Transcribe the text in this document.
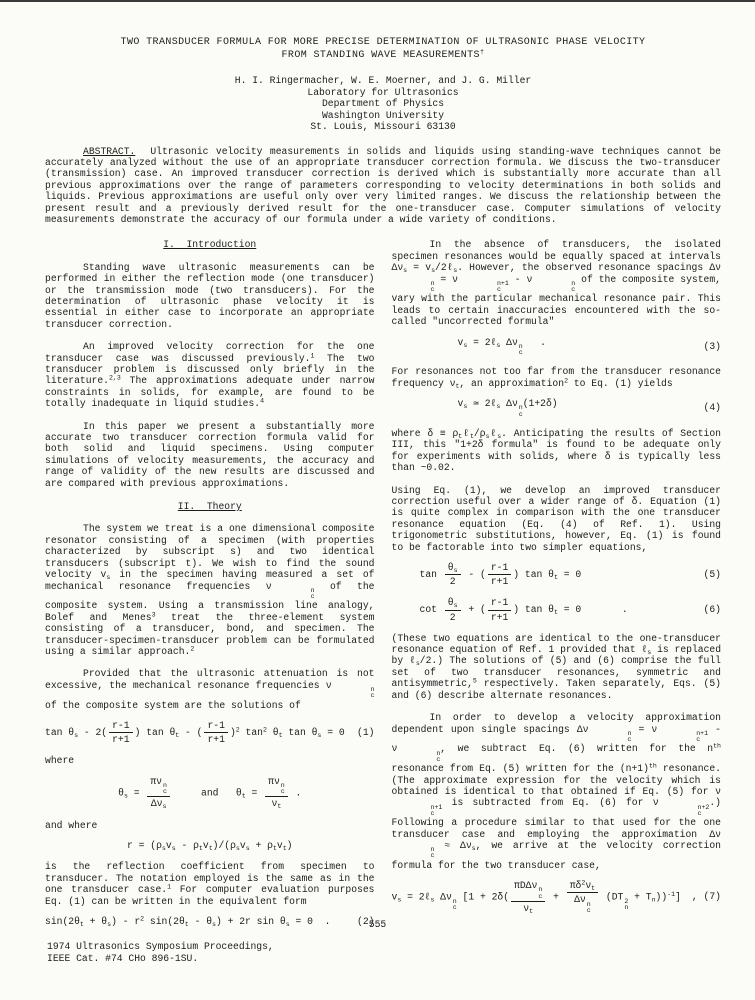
TWO TRANSDUCER FORMULA FOR MORE PRECISE DETERMINATION OF ULTRASONIC PHASE VELOCITY
FROM STANDING WAVE MEASUREMENTS†
H. I. Ringermacher, W. E. Moerner, and J. G. Miller
Laboratory for Ultrasonics
Department of Physics
Washington University
St. Louis, Missouri 63130
ABSTRACT. Ultrasonic velocity measurements in solids and liquids using standing-wave techniques cannot be accurately analyzed without the use of an appropriate transducer correction formula. We discuss the two-transducer (transmission) case. An improved transducer correction is derived which is substantially more accurate than all previous approximations over the range of parameters corresponding to velocity determinations in both solids and liquids. Previous approximations are useful only over very limited ranges. We discuss the relationship between the present result and a previously derived result for the one-transducer case. Computer simulations of velocity measurements demonstrate the accuracy of our formula under a wide variety of conditions.
I.  Introduction

Standing wave ultrasonic measurements can be performed in either the reflection mode (one transducer) or the transmission mode (two transducers). For the determination of ultrasonic phase velocity it is essential in either case to incorporate an appropriate transducer correction.

An improved velocity correction for the one transducer case was discussed previously.$^1$ The two transducer problem is discussed only briefly in the literature.$^{2,3}$ The approximations adequate under narrow constraints in solids, for example, are found to be totally inadequate in liquid studies.$^4$

In this paper we present a substantially more accurate two transducer correction formula valid for both solid and liquid specimens. Using computer simulations of velocity measurements, the accuracy and range of validity of the new results are discussed and are compared with previous approximations.

II.  Theory

The system we treat is a one dimensional composite resonator consisting of a specimen (with properties characterized by subscript s) and two identical transducers (subscript t). We wish to find the sound velocity $v_s$ in the specimen having measured a set of mechanical resonance frequencies ν	n
c
of the composite system. Using a transmission line analogy, Bolef and Menes$^3$ treat the three-element system consisting of a transducer, bond, and specimen. The transducer-specimen-transducer problem can be formulated using a similar approach.$^2$

Provided that the ultrasonic attenuation is not excessive, the mechanical resonance frequencies ν	n
c
of the composite system are the solutions of

$\tan \theta_s - 2( \frac{r-1}{r+1}$ ) $\tan \theta_t$ - ( $\frac{r-1}{r+1} )^2$ $\tan^2 \theta_t$ $\tan \theta_s = 0$	(1)
where
$\theta_s = \pi\nu$ n
c
$\Delta\nu_s$ and   $\theta_t = \pi\nu$ n
c
$\nu_t$ .
and where
$r = (\rho_sv_s - \rho_tv_t)/(\rho_sv_s + \rho_tv_t)$

is the reflection coefficient from specimen to transducer. The notation employed is the same as in the one transducer case.$^1$ For computer evaluation purposes Eq. (1) can be written in the equivalent form

$\sin(2\theta_t + \theta_s) - r^2$ $\sin(2\theta_t - \theta_s) + 2r$ $\sin \theta_s = 0$  .	(2)

In the absence of transducers, the isolated specimen resonances would be equally spaced at intervals $\Delta\nu_s$ = $v_s/2\ell_s$. However, the observed resonance spacings Δν
n
c
= ν	n+1
c
- ν	n
c
of the composite system, vary with the particular mechanical resonance pair. This leads to certain inaccuracies encountered with the so-called "uncorrected formula"

$v_s$ = 2ℓ$_s$ Δν n
c
.	(3)

For resonances not too far from the transducer resonance frequency $\nu_t$, an approximation$^2$ to Eq. (1) yields

$v_s$ ≃ 2ℓ$_s$ Δν n
c
(1+2δ)	(4)

where $\delta \equiv \rho_t\ell_t/\rho_s\ell_s$. Anticipating the results of Section III, this "1+2δ formula" is found to be adequate only for experiments with solids, where δ is typically less than ~0.02.

Using Eq. (1), we develop an improved transducer correction useful over a wider range of δ. Equation (1) is quite complex in comparison with the one transducer resonance equation (Eq. (4) of Ref. 1). Using trigonometric substitutions, however, Eq. (1) is found to be factorable into two simpler equations,

$\tan \frac{\theta_s}{2}$ - ( $\frac{r-1}{r+1}$ ) $\tan \theta_t = 0$	(5)
$\cot \frac{\theta_s}{2}$ + ( $\frac{r-1}{r+1}$ ) $\tan \theta_t = 0$       .	(6)

(These two equations are identical to the one-transducer resonance equation of Ref. 1 provided that ℓ$_s$ is replaced by ℓ$_s$/2.) The solutions of (5) and (6) comprise the full set of two transducer resonances, symmetric and antisymmetric,$^5$ respectively. Taken separately, Eqs. (5) and (6) describe alternate resonances.

In order to develop a velocity approximation dependent upon single spacings Δν	n
c
= ν	n+1
c
- ν	n
c
, we subtract Eq. (6) written for the $n^{th}$ resonance from Eq. (5) written for the $(n+1)^{th}$ resonance. (The approximate expression for the velocity which is obtained is identical to that obtained if Eq. (5) for ν
n+1
c
is subtracted from Eq. (6) for ν	n+2
c
.) Following a procedure similar to that used for the one transducer case and employing the approximation Δν
n
c
≈ $\Delta\nu_s$, we arrive at the velocity correction formula for the two transducer case,

$v_s$ = 2ℓ$_s$ Δν n
c
[1 + 2δ( πDΔν n
c
$\nu_t + \pi\delta^2\nu_t$
Δν n
c (DT 2
n
+ $T_n))^{-1}$]	, (7)
1974 Ultrasonics Symposium Proceedings,
IEEE Cat. #74 CHo 896-1SU.
555
